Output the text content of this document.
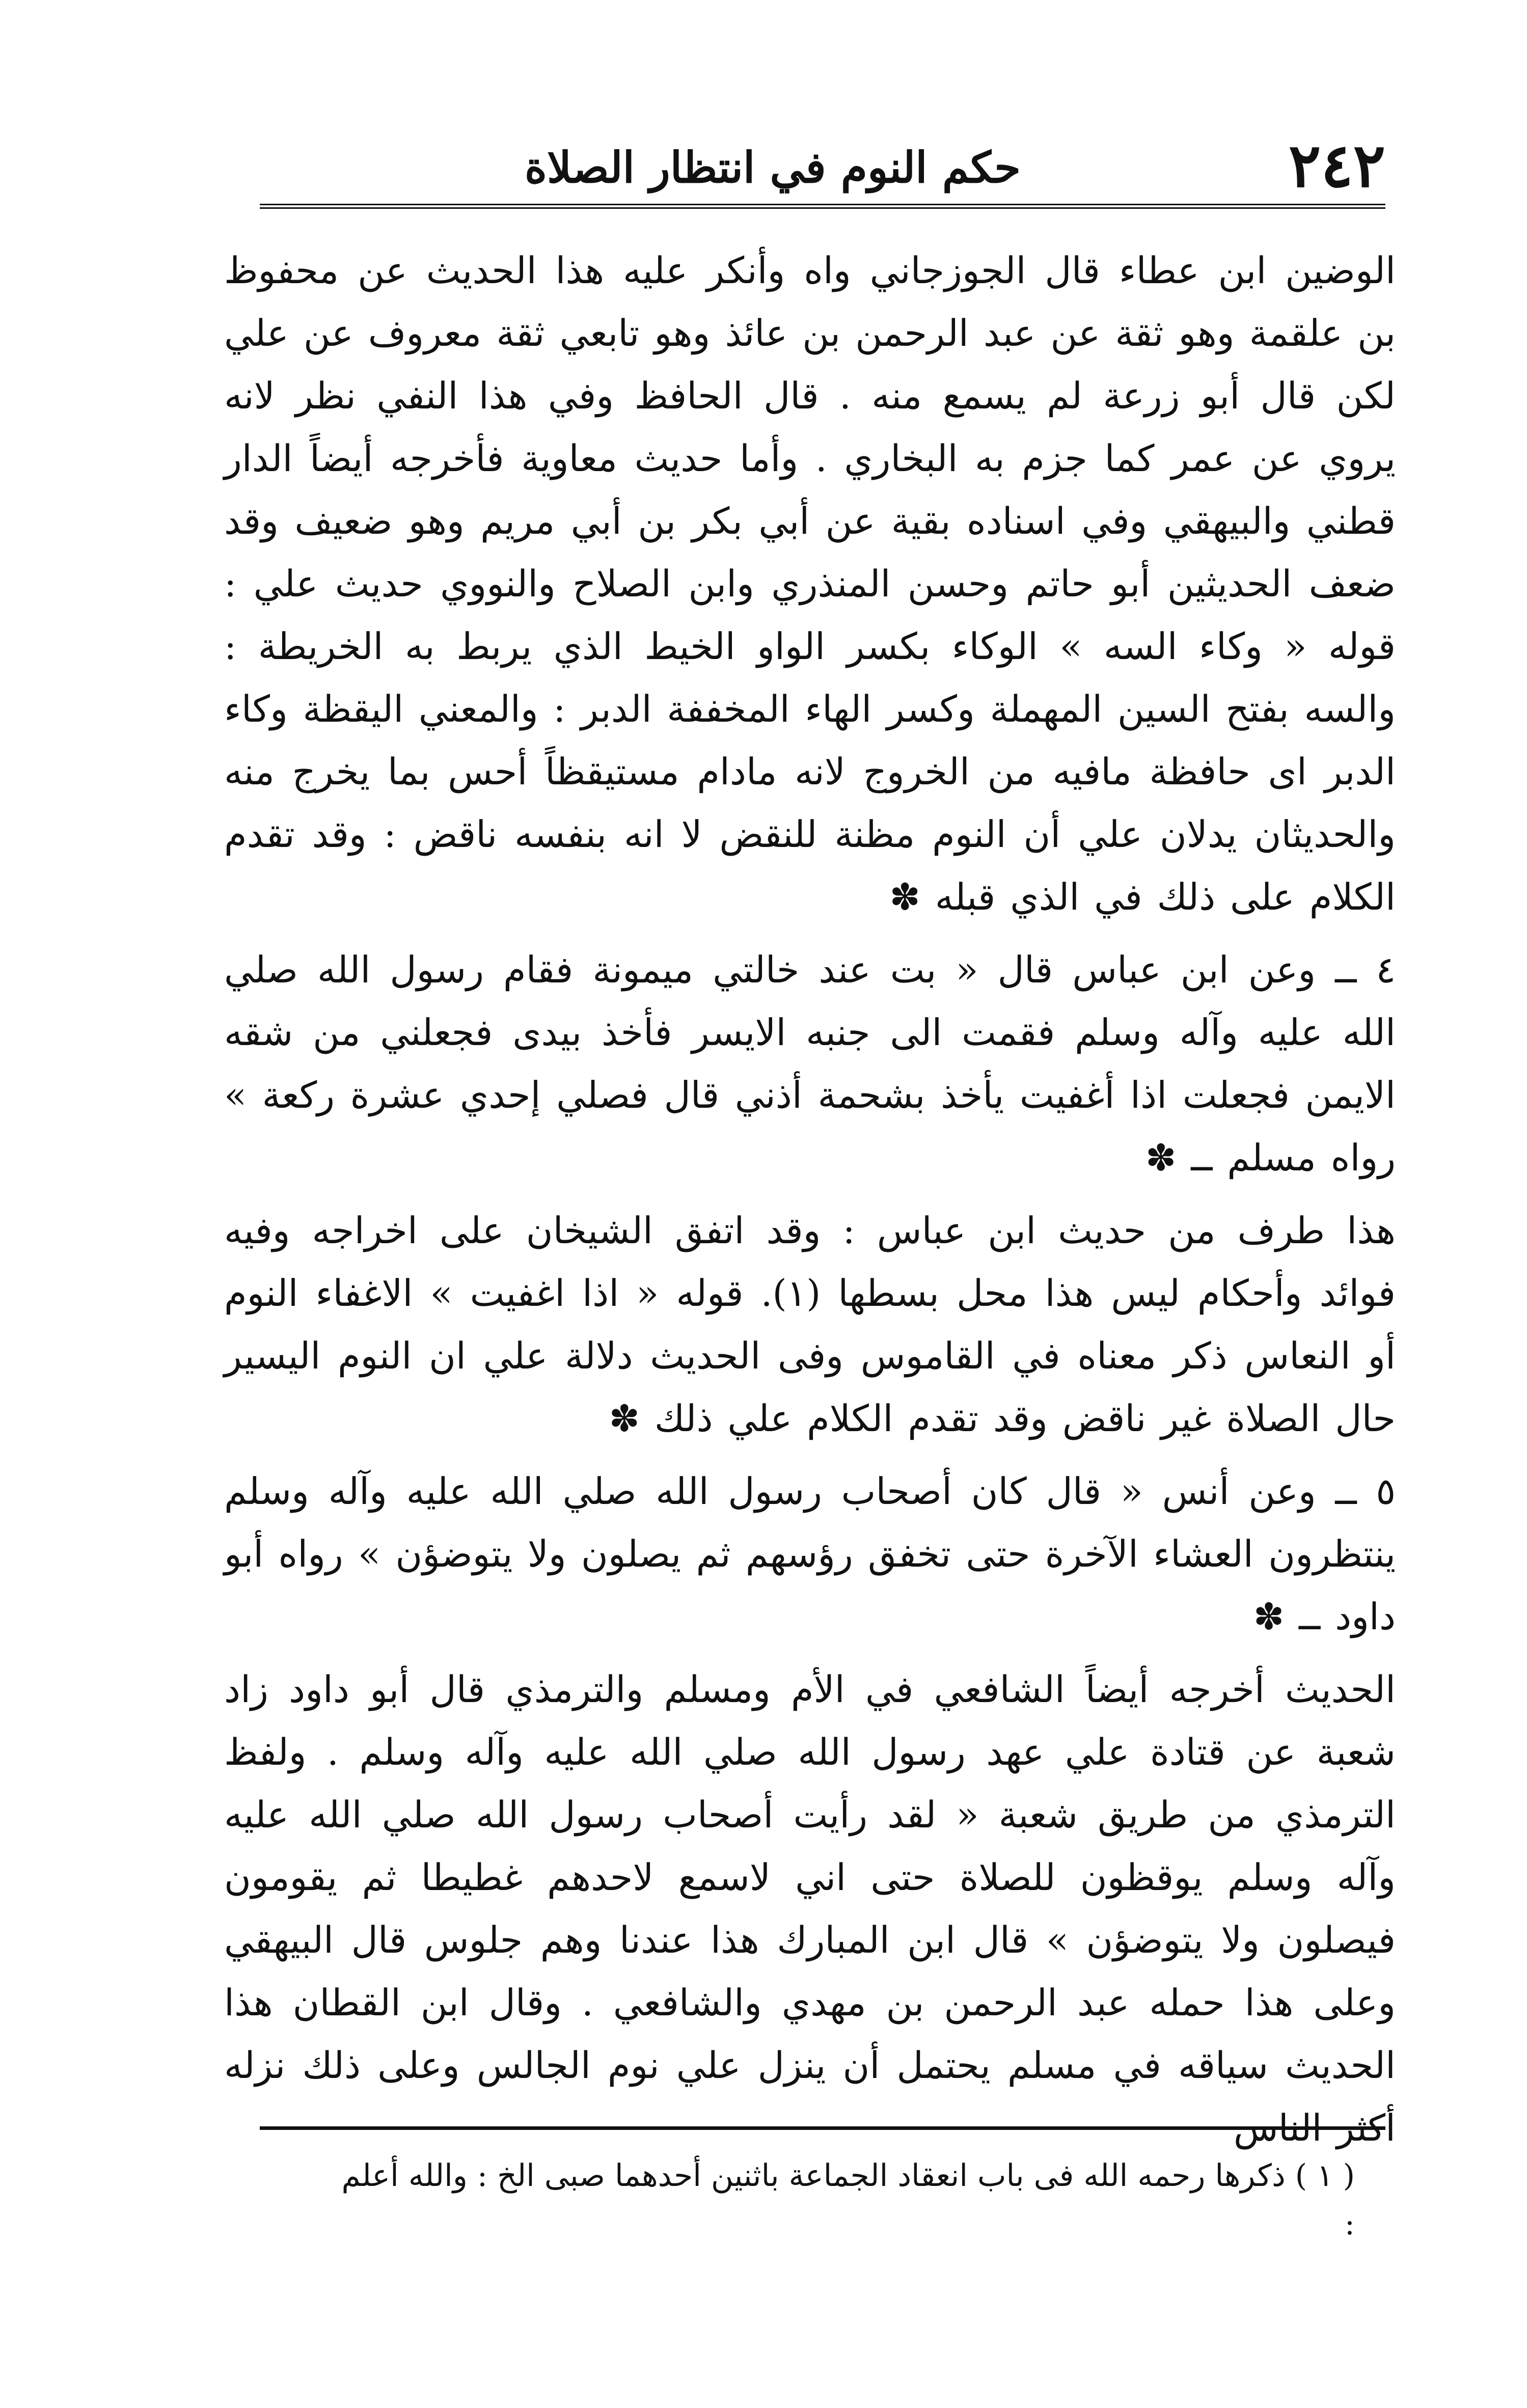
٢٤٢
حكم النوم في انتظار الصلاة

الوضين ابن عطاء قال الجوزجاني واه وأنكر عليه هذا الحديث عن محفوظ بن علقمة وهو ثقة عن عبد الرحمن بن عائذ وهو تابعي ثقة معروف عن علي لكن قال أبو زرعة لم يسمع منه . قال الحافظ وفي هذا النفي نظر لانه يروي عن عمر كما جزم به البخاري . وأما حديث معاوية فأخرجه أيضاً الدار قطني والبيهقي وفي اسناده بقية عن أبي بكر بن أبي مريم وهو ضعيف وقد ضعف الحديثين أبو حاتم وحسن المنذري وابن الصلاح والنووي حديث علي : قوله « وكاء السه » الوكاء بكسر الواو الخيط الذي يربط به الخريطة : والسه بفتح السين المهملة وكسر الهاء المخففة الدبر : والمعني اليقظة وكاء الدبر اى حافظة مافيه من الخروج لانه مادام مستيقظاً أحس بما يخرج منه والحديثان يدلان علي أن النوم مظنة للنقض لا انه بنفسه ناقض : وقد تقدم الكلام على ذلك في الذي قبله ✽

٤ ــ وعن ابن عباس قال « بت عند خالتي ميمونة فقام رسول الله صلي الله عليه وآله وسلم فقمت الى جنبه الايسر فأخذ بيدى فجعلني من شقه الايمن فجعلت اذا أغفيت يأخذ بشحمة أذني قال فصلي إحدي عشرة ركعة » رواه مسلم ــ ✽

هذا طرف من حديث ابن عباس : وقد اتفق الشيخان على اخراجه وفيه فوائد وأحكام ليس هذا محل بسطها (١). قوله « اذا اغفيت » الاغفاء النوم أو النعاس ذكر معناه في القاموس وفى الحديث دلالة علي ان النوم اليسير حال الصلاة غير ناقض وقد تقدم الكلام علي ذلك ✽

٥ ــ وعن أنس « قال كان أصحاب رسول الله صلي الله عليه وآله وسلم ينتظرون العشاء الآخرة حتى تخفق رؤسهم ثم يصلون ولا يتوضؤن » رواه أبو داود ــ ✽

الحديث أخرجه أيضاً الشافعي في الأم ومسلم والترمذي قال أبو داود زاد شعبة عن قتادة علي عهد رسول الله صلي الله عليه وآله وسلم . ولفظ الترمذي من طريق شعبة « لقد رأيت أصحاب رسول الله صلي الله عليه وآله وسلم يوقظون للصلاة حتى اني لاسمع لاحدهم غطيطا ثم يقومون فيصلون ولا يتوضؤن » قال ابن المبارك هذا عندنا وهم جلوس قال البيهقي وعلى هذا حمله عبد الرحمن بن مهدي والشافعي . وقال ابن القطان هذا الحديث سياقه في مسلم يحتمل أن ينزل علي نوم الجالس وعلى ذلك نزله أكثر الناس

( ١ ) ذكرها رحمه الله فى باب انعقاد الجماعة باثنين أحدهما صبى الخ : والله أعلم :
